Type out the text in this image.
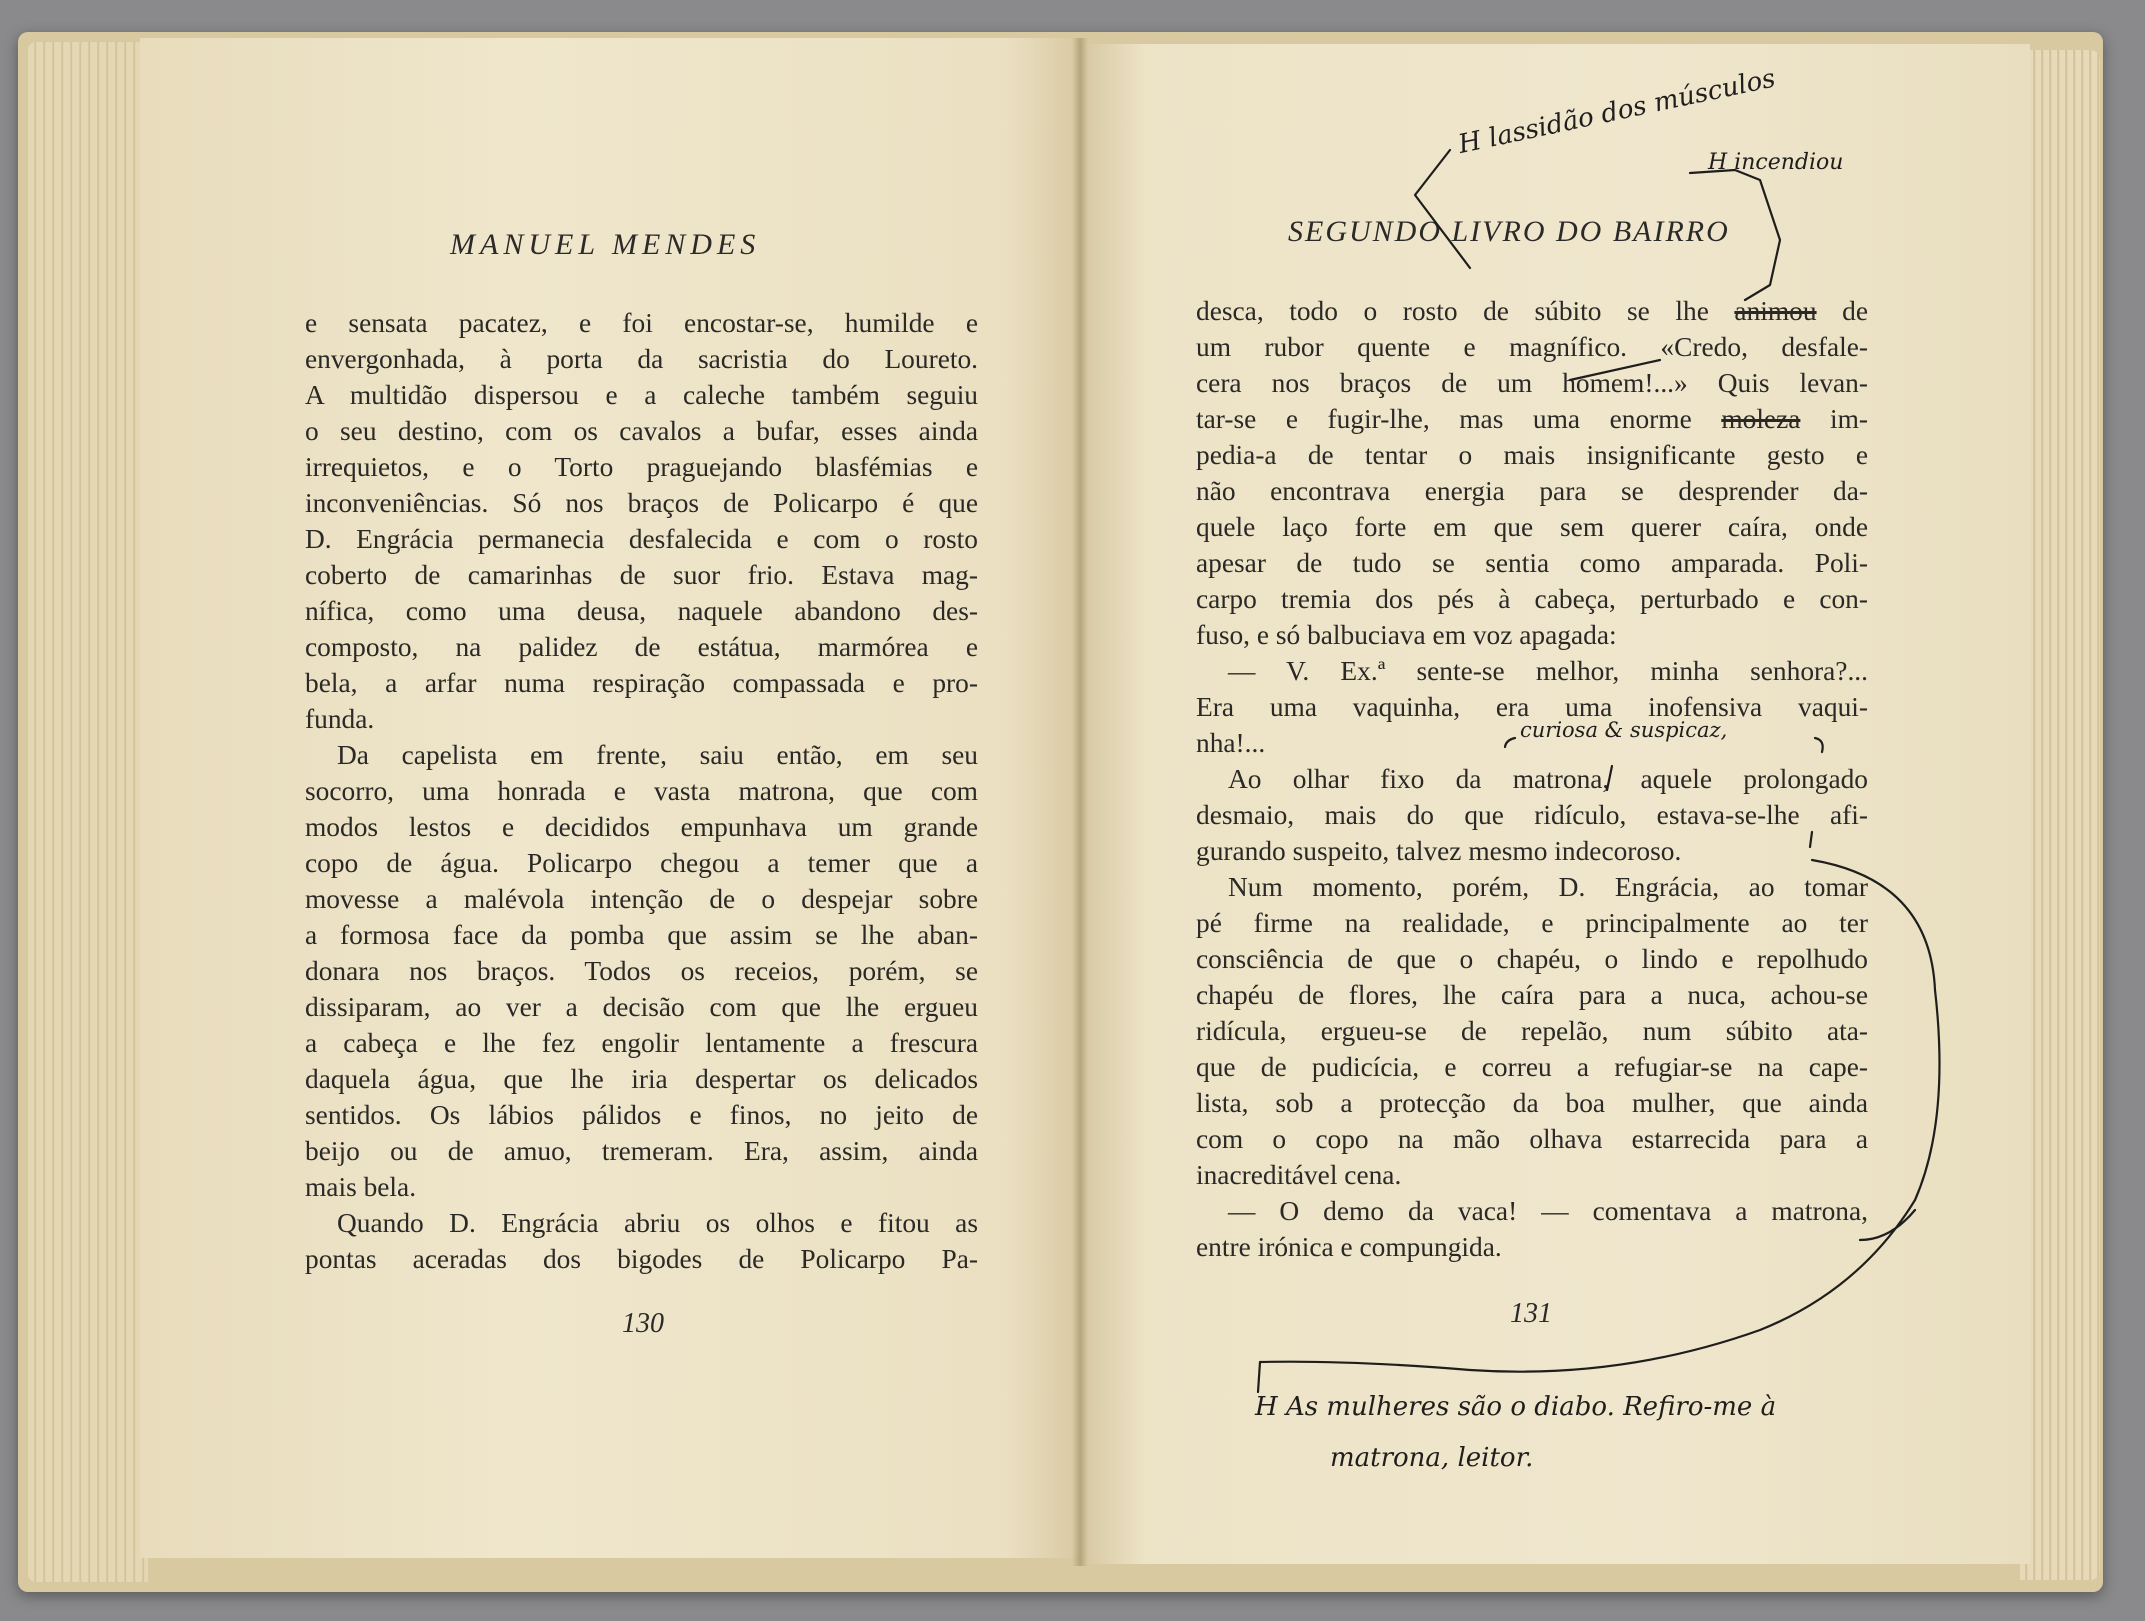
MANUEL MENDES
e sensata pacatez, e foi encostar-se, humilde e
envergonhada, à porta da sacristia do Loureto.
A multidão dispersou e a caleche também seguiu
o seu destino, com os cavalos a bufar, esses ainda
irrequietos, e o Torto praguejando blasfémias e
inconveniências. Só nos braços de Policarpo é que
D. Engrácia permanecia desfalecida e com o rosto
coberto de camarinhas de suor frio. Estava mag-
nífica, como uma deusa, naquele abandono des-
composto, na palidez de estátua, marmórea e
bela, a arfar numa respiração compassada e pro-
funda.
Da capelista em frente, saiu então, em seu
socorro, uma honrada e vasta matrona, que com
modos lestos e decididos empunhava um grande
copo de água. Policarpo chegou a temer que a
movesse a malévola intenção de o despejar sobre
a formosa face da pomba que assim se lhe aban-
donara nos braços. Todos os receios, porém, se
dissiparam, ao ver a decisão com que lhe ergueu
a cabeça e lhe fez engolir lentamente a frescura
daquela água, que lhe iria despertar os delicados
sentidos. Os lábios pálidos e finos, no jeito de
beijo ou de amuo, tremeram. Era, assim, ainda
mais bela.
Quando D. Engrácia abriu os olhos e fitou as
pontas aceradas dos bigodes de Policarpo Pa-
130
SEGUNDO LIVRO DO BAIRRO
desca, todo o rosto de súbito se lhe animou de
um rubor quente e magnífico. «Credo, desfale-
cera nos braços de um homem!...» Quis levan-
tar-se e fugir-lhe, mas uma enorme moleza im-
pedia-a de tentar o mais insignificante gesto e
não encontrava energia para se desprender da-
quele laço forte em que sem querer caíra, onde
apesar de tudo se sentia como amparada. Poli-
carpo tremia dos pés à cabeça, perturbado e con-
fuso, e só balbuciava em voz apagada:
— V. Ex.ª sente-se melhor, minha senhora?...
Era uma vaquinha, era uma inofensiva vaqui-
nha!...
Ao olhar fixo da matrona, aquele prolongado
desmaio, mais do que ridículo, estava-se-lhe afi-
gurando suspeito, talvez mesmo indecoroso.
Num momento, porém, D. Engrácia, ao tomar
pé firme na realidade, e principalmente ao ter
consciência de que o chapéu, o lindo e repolhudo
chapéu de flores, lhe caíra para a nuca, achou-se
ridícula, ergueu-se de repelão, num súbito ata-
que de pudicícia, e correu a refugiar-se na cape-
lista, sob a protecção da boa mulher, que ainda
com o copo na mão olhava estarrecida para a
inacreditável cena.
— O demo da vaca! — comentava a matrona,
entre irónica e compungida.
131
H lassidão dos músculos
H incendiou
curiosa & suspicaz,
H As mulheres são o diabo. Refiro-me à
matrona, leitor.
